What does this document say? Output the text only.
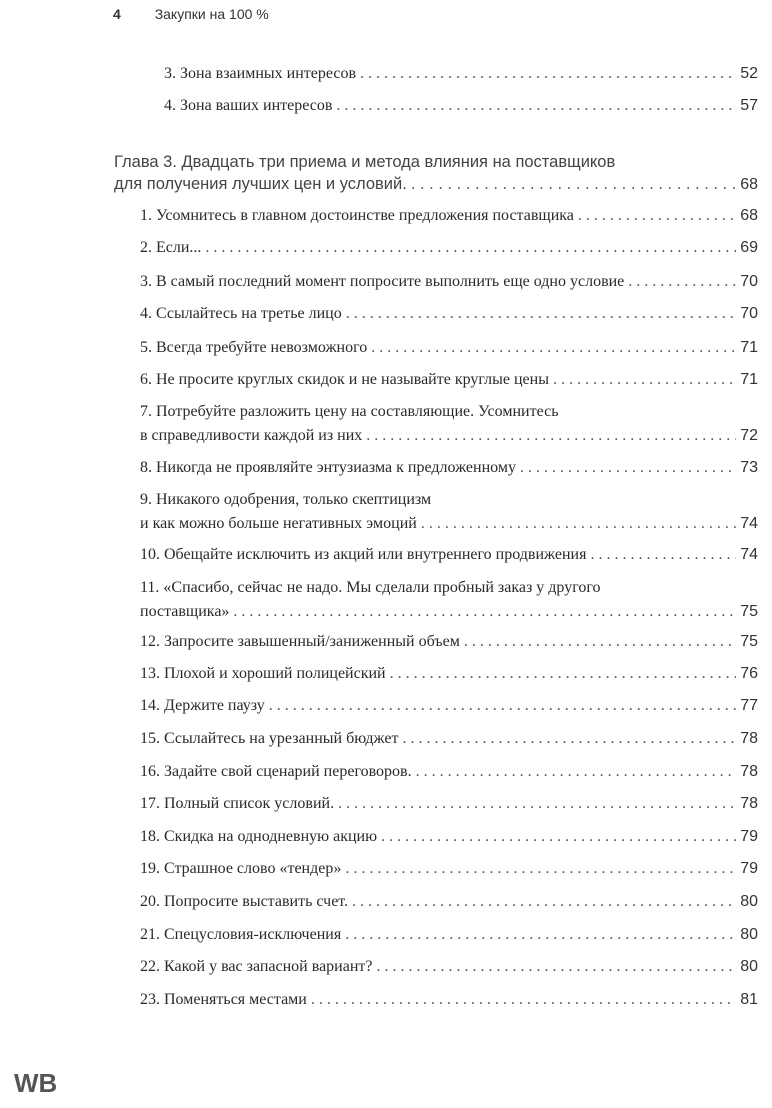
4 Закупки на 100 %
3. Зона взаимных интересов . . .	52
4. Зона ваших интересов . . .	57
Глава 3. Двадцать три приема и метода влияния на поставщиков
для получения лучших цен и условий. . . .	68
1. Усомнитесь в главном достоинстве предложения поставщика . . .	68
2. Если... . . .	69
3. В самый последний момент попросите выполнить еще одно условие . . .	70
4. Ссылайтесь на третье лицо . . .	70
5. Всегда требуйте невозможного . . .	71
6. Не просите круглых скидок и не называйте круглые цены . . .	71
7. Потребуйте разложить цену на составляющие. Усомнитесь
в справедливости каждой из них . . .	72
8. Никогда не проявляйте энтузиазма к предложенному . . .	73
9. Никакого одобрения, только скептицизм
и как можно больше негативных эмоций . . .	74
10. Обещайте исключить из акций или внутреннего продвижения . . .	74
11. «Спасибо, сейчас не надо. Мы сделали пробный заказ у другого
поставщика» . . .	75
12. Запросите завышенный/заниженный объем . . .	75
13. Плохой и хороший полицейский . . .	76
14. Держите паузу . . .	77
15. Ссылайтесь на урезанный бюджет . . .	78
16. Задайте свой сценарий переговоров. . . .	78
17. Полный список условий. . . .	78
18. Скидка на однодневную акцию . . .	79
19. Страшное слово «тендер» . . .	79
20. Попросите выставить счет. . . .	80
21. Спецусловия-исключения . . .	80
22. Какой у вас запасной вариант? . . .	80
23. Поменяться местами . . .	81
WB
